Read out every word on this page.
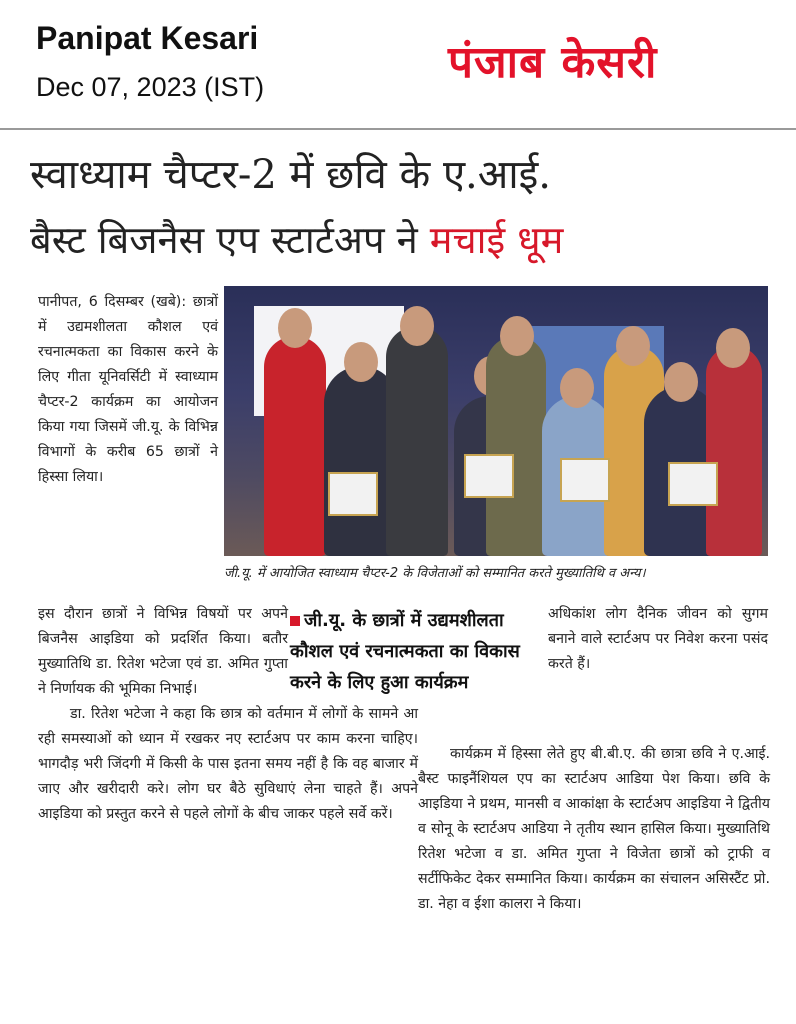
Panipat Kesari
Dec 07, 2023 (IST)	पंजाब केसरी
स्वाध्याम चैप्टर-2 में छवि के ए.आई.
बैस्ट बिजनैस एप स्टार्टअप ने मचाई धूम
पानीपत, 6 दिसम्बर (खबे): छात्रों में उद्यमशीलता कौशल एवं रचनात्मकता का विकास करने के लिए गीता यूनिवर्सिटी में स्वाध्याम चैप्टर-2 कार्यक्रम का आयोजन किया गया जिसमें जी.यू. के विभिन्न विभागों के करीब 65 छात्रों ने हिस्सा लिया।
जी.यू. में आयोजित स्वाध्याम चैप्टर-2 के विजेताओं को सम्मानित करते मुख्यातिथि व अन्य।
इस दौरान छात्रों ने विभिन्न विषयों पर अपने बिजनैस आइडिया को प्रदर्शित किया। बतौर मुख्यातिथि डा. रितेश भटेजा एवं डा. अमित गुप्ता ने निर्णायक की भूमिका निभाई।
डा. रितेश भटेजा ने कहा कि छात्र को वर्तमान में लोगों के सामने आ रही समस्याओं को ध्यान में रखकर नए स्टार्टअप पर काम करना चाहिए। भागदौड़ भरी जिंदगी में किसी के पास इतना समय नहीं है कि वह बाजार में जाए और खरीदारी करे। लोग घर बैठे सुविधाएं लेना चाहते हैं। अपने आइडिया को प्रस्तुत करने से पहले लोगों के बीच जाकर पहले सर्वे करें।
जी.यू. के छात्रों में उद्यमशीलता कौशल एवं रचनात्मकता का विकास करने के लिए हुआ कार्यक्रम
अधिकांश लोग दैनिक जीवन को सुगम बनाने वाले स्टार्टअप पर निवेश करना पसंद करते हैं।
कार्यक्रम में हिस्सा लेते हुए बी.बी.ए. की छात्रा छवि ने ए.आई. बैस्ट फाइनैंशियल एप का स्टार्टअप आडिया पेश किया। छवि के आइडिया ने प्रथम, मानसी व आकांक्षा के स्टार्टअप आइडिया ने द्वितीय व सोनू के स्टार्टअप आडिया ने तृतीय स्थान हासिल किया। मुख्यातिथि रितेश भटेजा व डा. अमित गुप्ता ने विजेता छात्रों को ट्राफी व सर्टीफिकेट देकर सम्मानित किया। कार्यक्रम का संचालन असिस्टैंट प्रो. डा. नेहा व ईशा कालरा ने किया।
